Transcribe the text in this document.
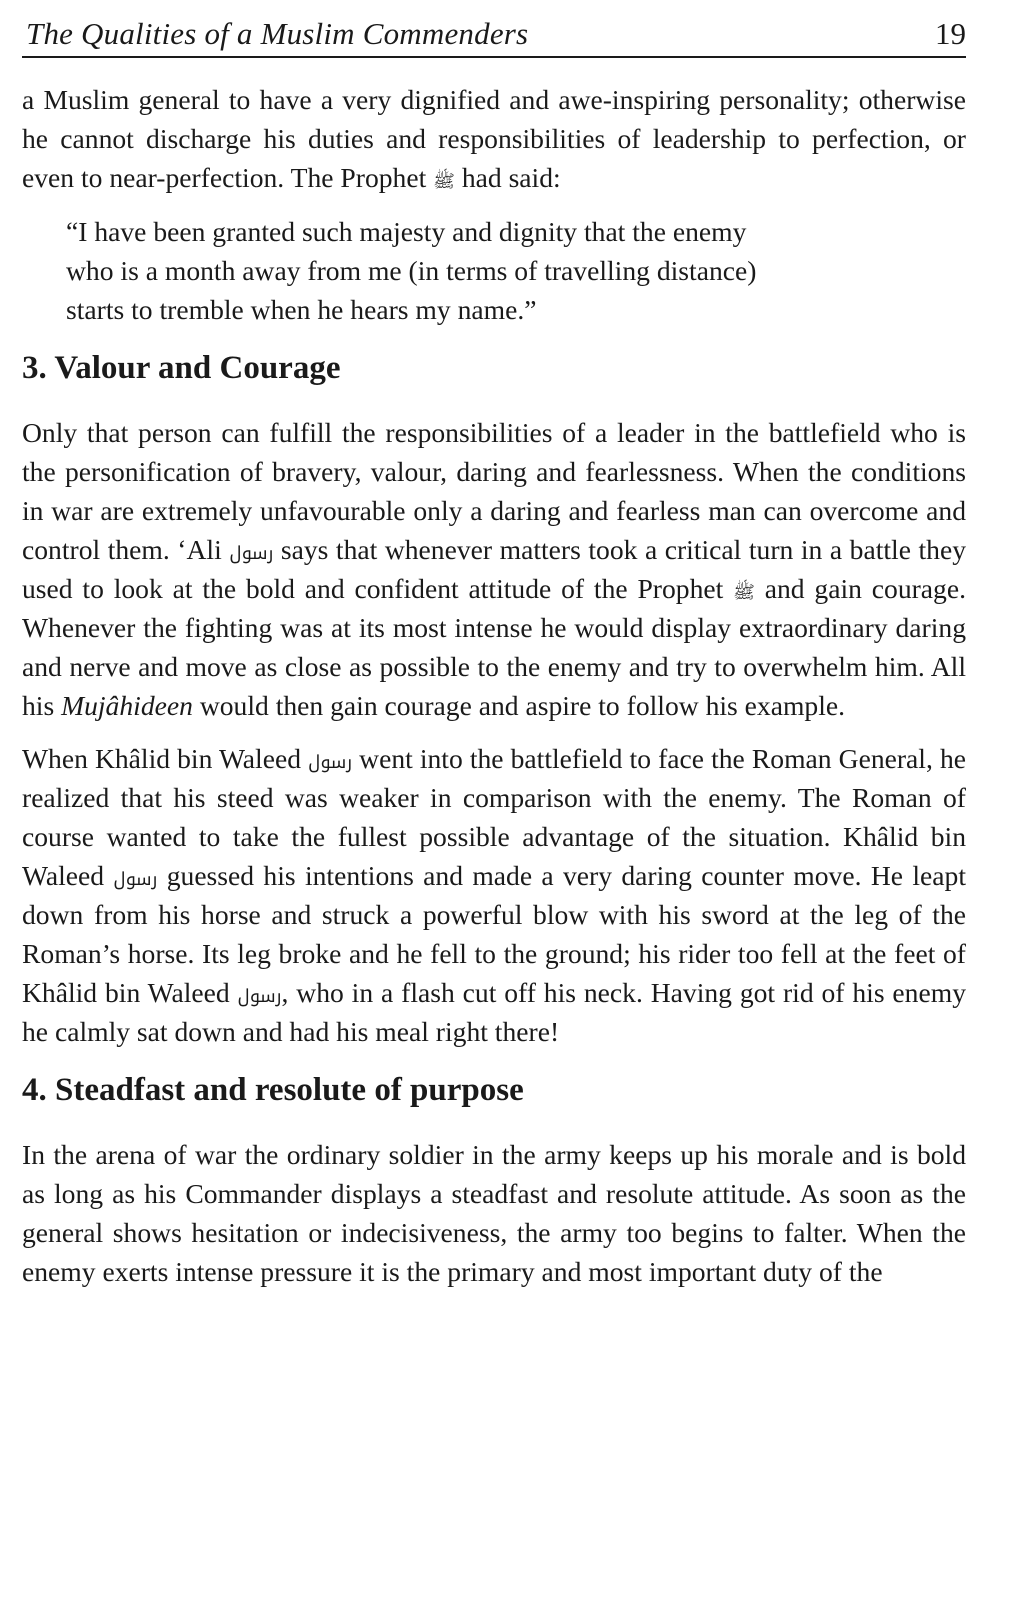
The Qualities of a Muslim Commenders	19

a Muslim general to have a very dignified and awe-inspiring personality; otherwise he cannot discharge his duties and responsibilities of leadership to perfection, or even to near-perfection. The Prophet ﷺ had said:

“I have been granted such majesty and dignity that the enemy
who is a month away from me (in terms of travelling distance)
starts to tremble when he hears my name.”
3. Valour and Courage

Only that person can fulfill the responsibilities of a leader in the battlefield who is the personification of bravery, valour, daring and fearlessness. When the conditions in war are extremely unfavourable only a daring and fearless man can overcome and control them. ‘Ali ﷶ says that whenever matters took a critical turn in a battle they used to look at the bold and confident attitude of the Prophet ﷺ and gain courage. Whenever the fighting was at its most intense he would display extraordinary daring and nerve and move as close as possible to the enemy and try to overwhelm him. All his Mujâhideen would then gain courage and aspire to follow his example.

When Khâlid bin Waleed ﷶ went into the battlefield to face the Roman General, he realized that his steed was weaker in comparison with the enemy. The Roman of course wanted to take the fullest possible advantage of the situation. Khâlid bin Waleed ﷶ guessed his intentions and made a very daring counter move. He leapt down from his horse and struck a powerful blow with his sword at the leg of the Roman’s horse. Its leg broke and he fell to the ground; his rider too fell at the feet of Khâlid bin Waleed ﷶ, who in a flash cut off his neck. Having got rid of his enemy he calmly sat down and had his meal right there!

4. Steadfast and resolute of purpose

In the arena of war the ordinary soldier in the army keeps up his morale and is bold as long as his Commander displays a steadfast and resolute attitude. As soon as the general shows hesitation or indecisiveness, the army too begins to falter. When the enemy exerts intense pressure it is the primary and most important duty of the
